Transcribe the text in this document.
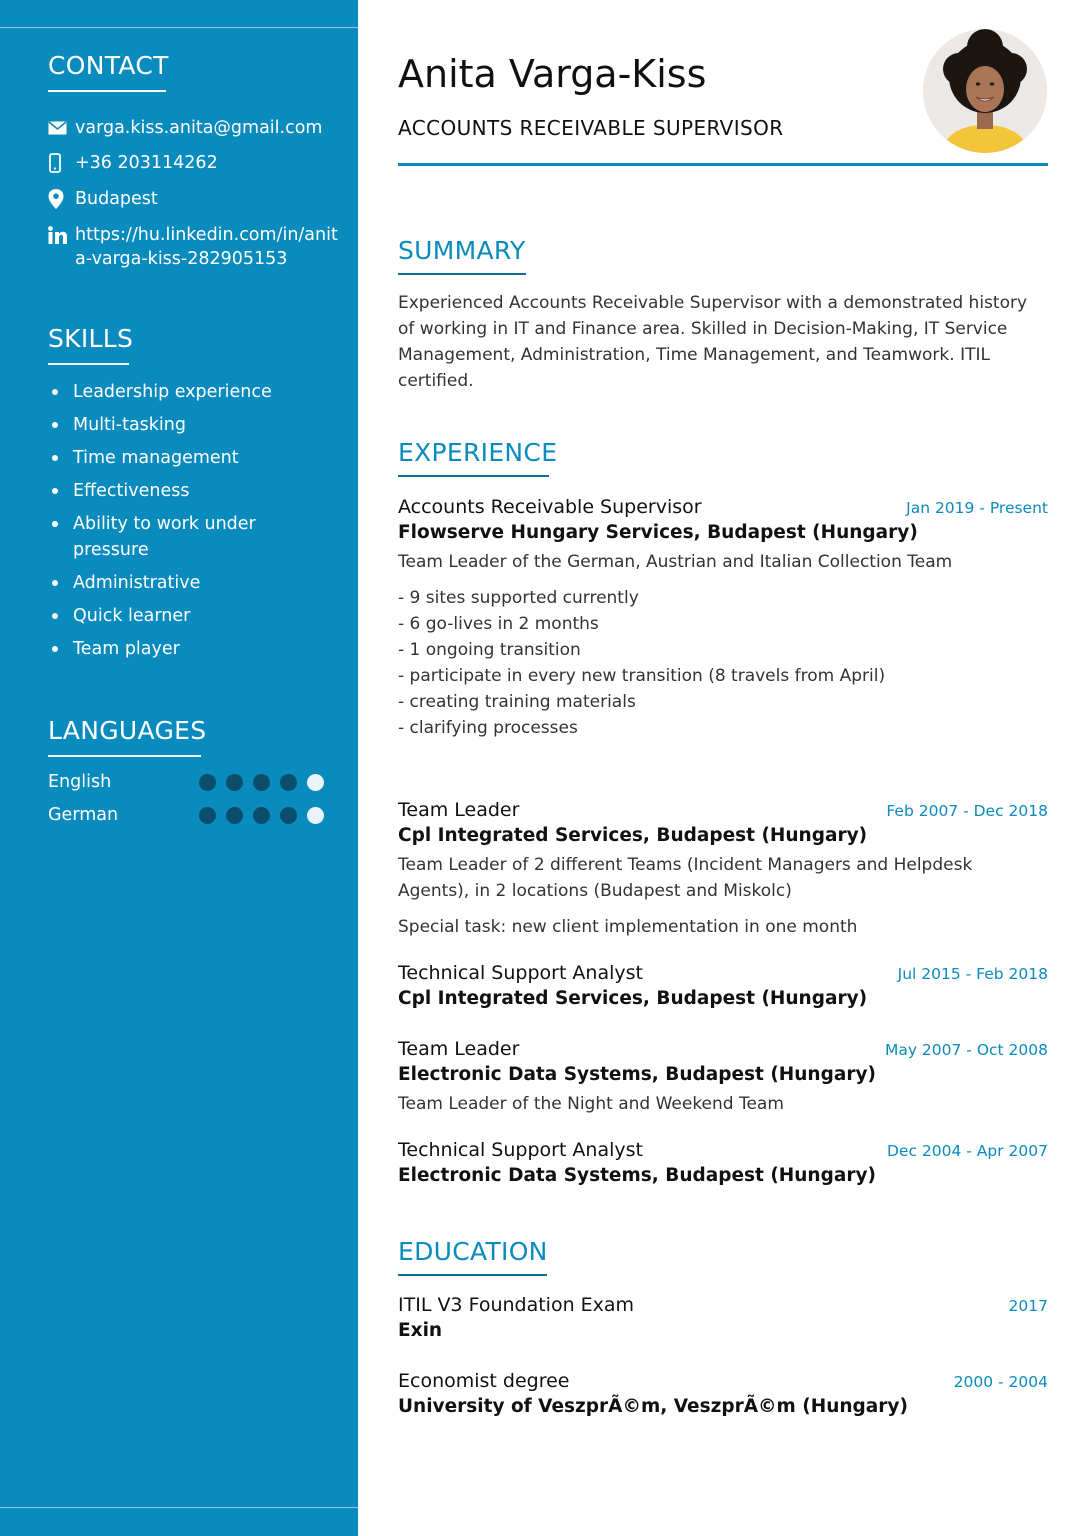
CONTACT
varga.kiss.anita@gmail.com
+36 203114262
Budapest
https://hu.linkedin.com/in/anita-varga-kiss-282905153
SKILLS
Leadership experience
Multi-tasking
Time management
Effectiveness
Ability to work under pressure
Administrative
Quick learner
Team player
LANGUAGES
English
German
Anita Varga-Kiss
ACCOUNTS RECEIVABLE SUPERVISOR
SUMMARY

Experienced Accounts Receivable Supervisor with a demonstrated history of working in IT and Finance area. Skilled in Decision-Making, IT Service Management, Administration, Time Management, and Teamwork. ITIL certified.

EXPERIENCE
Accounts Receivable Supervisor	Jan 2019 - Present
Flowserve Hungary Services, Budapest (Hungary)
Team Leader of the German, Austrian and Italian Collection Team
- 9 sites supported currently
- 6 go-lives in 2 months
- 1 ongoing transition
- participate in every new transition (8 travels from April)
- creating training materials
- clarifying processes
Team Leader	Feb 2007 - Dec 2018
Cpl Integrated Services, Budapest (Hungary)
Team Leader of 2 different Teams (Incident Managers and Helpdesk Agents), in 2 locations (Budapest and Miskolc)
Special task: new client implementation in one month
Technical Support Analyst	Jul 2015 - Feb 2018
Cpl Integrated Services, Budapest (Hungary)
Team Leader	May 2007 - Oct 2008
Electronic Data Systems, Budapest (Hungary)
Team Leader of the Night and Weekend Team
Technical Support Analyst	Dec 2004 - Apr 2007
Electronic Data Systems, Budapest (Hungary)
EDUCATION
ITIL V3 Foundation Exam	2017
Exin
Economist degree	2000 - 2004
University of VeszprÃ©m, VeszprÃ©m (Hungary)
